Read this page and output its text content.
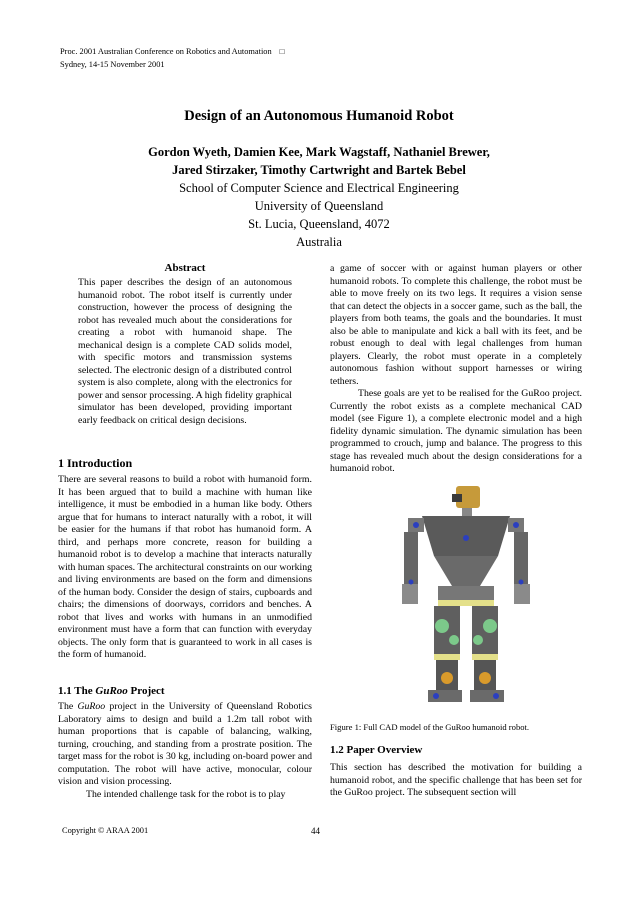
Proc. 2001 Australian Conference on Robotics and Automation □
Sydney, 14-15 November 2001
Design of an Autonomous Humanoid Robot
Gordon Wyeth, Damien Kee, Mark Wagstaff, Nathaniel Brewer,
Jared Stirzaker, Timothy Cartwright and Bartek Bebel
School of Computer Science and Electrical Engineering
University of Queensland
St. Lucia, Queensland, 4072
Australia
Abstract
This paper describes the design of an autonomous humanoid robot. The robot itself is currently under construction, however the process of designing the robot has revealed much about the considerations for creating a robot with humanoid shape. The mechanical design is a complete CAD solids model, with specific motors and transmission systems selected. The electronic design of a distributed control system is also complete, along with the electronics for power and sensor processing. A high fidelity graphical simulator has been developed, providing important early feedback on critical design decisions.
1 Introduction
There are several reasons to build a robot with humanoid form. It has been argued that to build a machine with human like intelligence, it must be embodied in a human like body. Others argue that for humans to interact naturally with a robot, it will be easier for the humans if that robot has humanoid form. A third, and perhaps more concrete, reason for building a humanoid robot is to develop a machine that interacts naturally with human spaces. The architectural constraints on our working and living environments are based on the form and dimensions of the human body. Consider the design of stairs, cupboards and chairs; the dimensions of doorways, corridors and benches. A robot that lives and works with humans in an unmodified environment must have a form that can function with everyday objects. The only form that is guaranteed to work in all cases is the form of humanoid.
1.1 The GuRoo Project

The GuRoo project in the University of Queensland Robotics Laboratory aims to design and build a 1.2m tall robot with human proportions that is capable of balancing, walking, turning, crouching, and standing from a prostrate position. The target mass for the robot is 30 kg, including on-board power and computation. The robot will have active, monocular, colour vision and vision processing.

The intended challenge task for the robot is to play

a game of soccer with or against human players or other humanoid robots. To complete this challenge, the robot must be able to move freely on its two legs. It requires a vision sense that can detect the objects in a soccer game, such as the ball, the players from both teams, the goals and the boundaries. It must also be able to manipulate and kick a ball with its feet, and be robust enough to deal with legal challenges from human players. Clearly, the robot must operate in a completely autonomous fashion without support harnesses or wiring tethers.

These goals are yet to be realised for the GuRoo project. Currently the robot exists as a complete mechanical CAD model (see Figure 1), a complete electronic model and a high fidelity dynamic simulation. The dynamic simulation has been programmed to crouch, jump and balance. The progress to this stage has revealed much about the design considerations for a humanoid robot.

Figure 1: Full CAD model of the GuRoo humanoid robot.
1.2 Paper Overview
This section has described the motivation for building a humanoid robot, and the specific challenge that has been set for the GuRoo project. The subsequent section will
Copyright © ARAA 2001	44
